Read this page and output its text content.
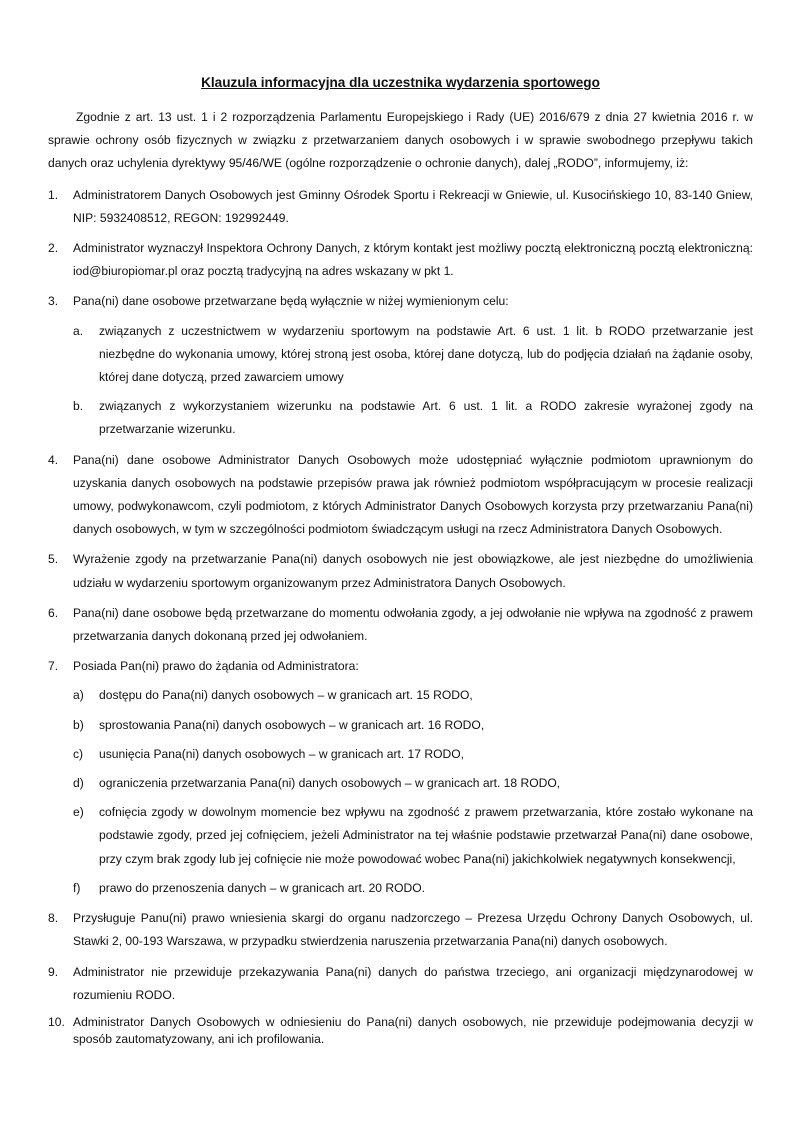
Klauzula informacyjna dla uczestnika wydarzenia sportowego

Zgodnie z art. 13 ust. 1 i 2 rozporządzenia Parlamentu Europejskiego i Rady (UE) 2016/679 z dnia 27 kwietnia 2016 r. w sprawie ochrony osób fizycznych w związku z przetwarzaniem danych osobowych i w sprawie swobodnego przepływu takich danych oraz uchylenia dyrektywy 95/46/WE (ogólne rozporządzenie o ochronie danych), dalej „RODO”, informujemy, iż:

1. Administratorem Danych Osobowych jest Gminny Ośrodek Sportu i Rekreacji w Gniewie, ul. Kusocińskiego 10, 83-140 Gniew, NIP: 5932408512, REGON: 192992449.
2. Administrator wyznaczył Inspektora Ochrony Danych, z którym kontakt jest możliwy pocztą elektroniczną pocztą elektroniczną: iod@biuropiomar.pl oraz pocztą tradycyjną na adres wskazany w pkt 1.
3. Pana(ni) dane osobowe przetwarzane będą wyłącznie w niżej wymienionym celu:
a. związanych z uczestnictwem w wydarzeniu sportowym na podstawie Art. 6 ust. 1 lit. b RODO przetwarzanie jest niezbędne do wykonania umowy, której stroną jest osoba, której dane dotyczą, lub do podjęcia działań na żądanie osoby, której dane dotyczą, przed zawarciem umowy
b. związanych z wykorzystaniem wizerunku na podstawie Art. 6 ust. 1 lit. a RODO zakresie wyrażonej zgody na przetwarzanie wizerunku.
4. Pana(ni) dane osobowe Administrator Danych Osobowych może udostępniać wyłącznie podmiotom uprawnionym do uzyskania danych osobowych na podstawie przepisów prawa jak również podmiotom współpracującym w procesie realizacji umowy, podwykonawcom, czyli podmiotom, z których Administrator Danych Osobowych korzysta przy przetwarzaniu Pana(ni) danych osobowych, w tym w szczególności podmiotom świadczącym usługi na rzecz Administratora Danych Osobowych.
5. Wyrażenie zgody na przetwarzanie Pana(ni) danych osobowych nie jest obowiązkowe, ale jest niezbędne do umożliwienia udziału w wydarzeniu sportowym organizowanym przez Administratora Danych Osobowych.
6. Pana(ni) dane osobowe będą przetwarzane do momentu odwołania zgody, a jej odwołanie nie wpływa na zgodność z prawem przetwarzania danych dokonaną przed jej odwołaniem.
7. Posiada Pan(ni) prawo do żądania od Administratora:
a) dostępu do Pana(ni) danych osobowych – w granicach art. 15 RODO,
b) sprostowania Pana(ni) danych osobowych – w granicach art. 16 RODO,
c) usunięcia Pana(ni) danych osobowych – w granicach art. 17 RODO,
d) ograniczenia przetwarzania Pana(ni) danych osobowych – w granicach art. 18 RODO,
e) cofnięcia zgody w dowolnym momencie bez wpływu na zgodność z prawem przetwarzania, które zostało wykonane na podstawie zgody, przed jej cofnięciem, jeżeli Administrator na tej właśnie podstawie przetwarzał Pana(ni) dane osobowe, przy czym brak zgody lub jej cofnięcie nie może powodować wobec Pana(ni) jakichkolwiek negatywnych konsekwencji,
f) prawo do przenoszenia danych – w granicach art. 20 RODO.
8. Przysługuje Panu(ni) prawo wniesienia skargi do organu nadzorczego – Prezesa Urzędu Ochrony Danych Osobowych, ul. Stawki 2, 00-193 Warszawa, w przypadku stwierdzenia naruszenia przetwarzania Pana(ni) danych osobowych.
9. Administrator nie przewiduje przekazywania Pana(ni) danych do państwa trzeciego, ani organizacji międzynarodowej w rozumieniu RODO.
10. Administrator Danych Osobowych w odniesieniu do Pana(ni) danych osobowych, nie przewiduje podejmowania decyzji w sposób zautomatyzowany, ani ich profilowania.
